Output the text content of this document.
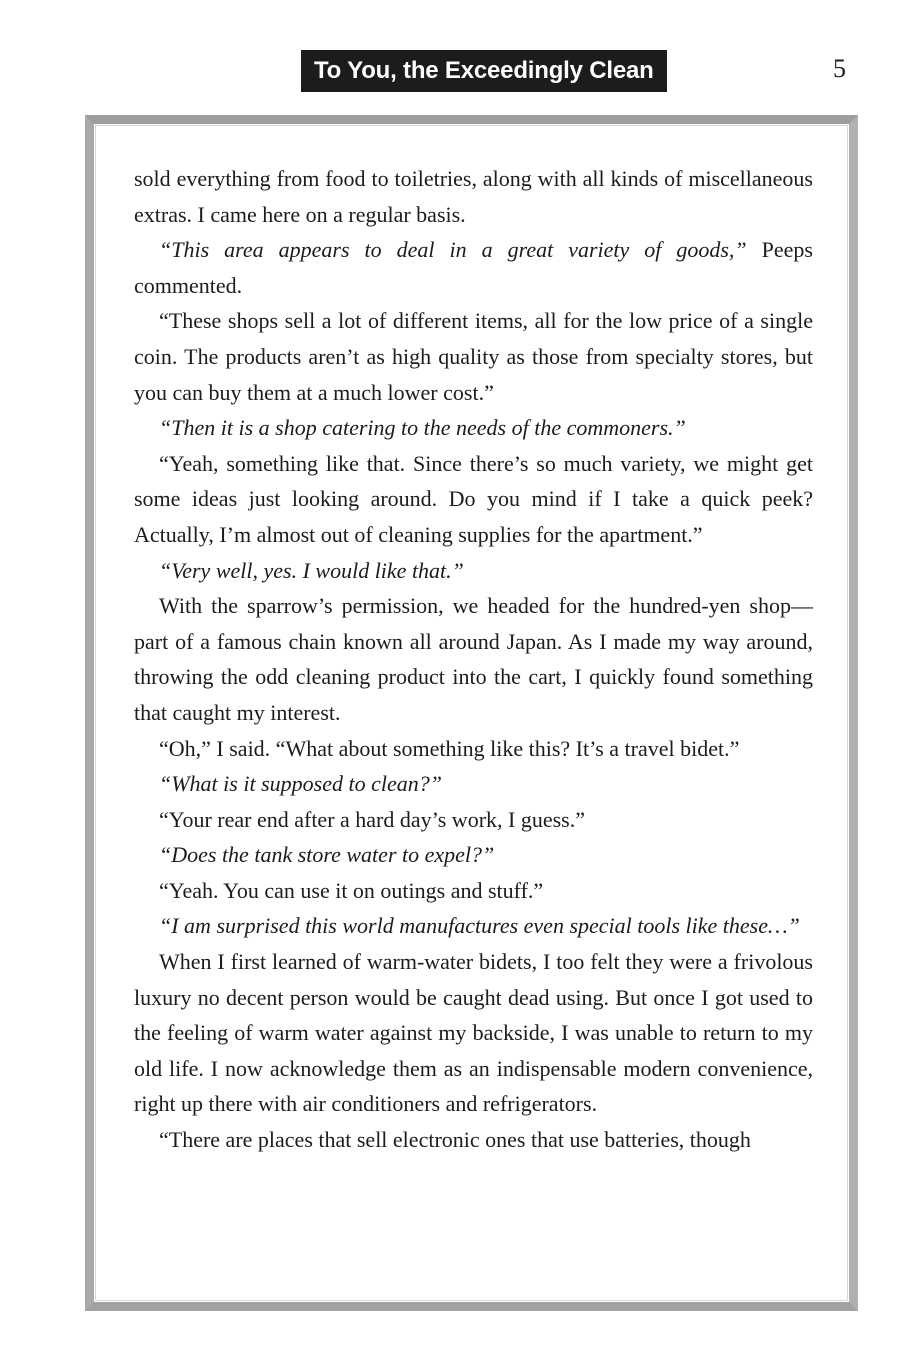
To You, the Exceedingly Clean	5

sold everything from food to toiletries, along with all kinds of miscellaneous extras. I came here on a regular basis.

“This area appears to deal in a great variety of goods,” Peeps commented.

“These shops sell a lot of different items, all for the low price of a single coin. The products aren’t as high quality as those from specialty stores, but you can buy them at a much lower cost.”

“Then it is a shop catering to the needs of the commoners.”

“Yeah, something like that. Since there’s so much variety, we might get some ideas just looking around. Do you mind if I take a quick peek? Actually, I’m almost out of cleaning supplies for the apartment.”

“Very well, yes. I would like that.”

With the sparrow’s permission, we headed for the hundred-yen shop—part of a famous chain known all around Japan. As I made my way around, throwing the odd cleaning product into the cart, I quickly found something that caught my interest.

“Oh,” I said. “What about something like this? It’s a travel bidet.”

“What is it supposed to clean?”

“Your rear end after a hard day’s work, I guess.”

“Does the tank store water to expel?”

“Yeah. You can use it on outings and stuff.”

“I am surprised this world manufactures even special tools like these…”

When I first learned of warm-water bidets, I too felt they were a frivolous luxury no decent person would be caught dead using. But once I got used to the feeling of warm water against my backside, I was unable to return to my old life. I now acknowledge them as an indispensable modern convenience, right up there with air conditioners and refrigerators.

“There are places that sell electronic ones that use batteries, though
